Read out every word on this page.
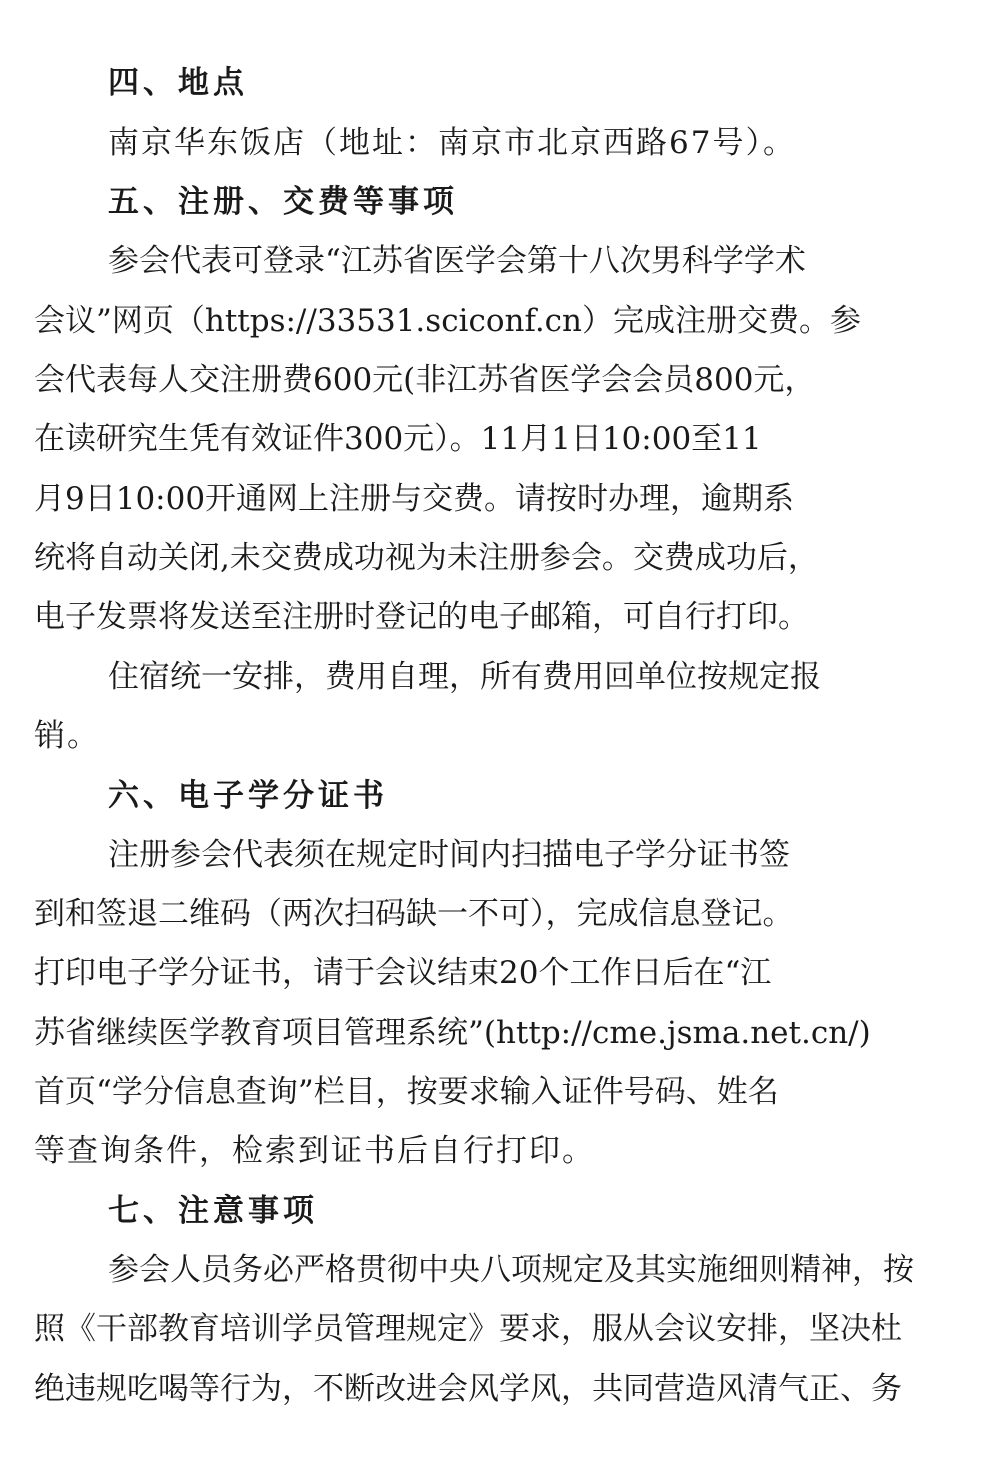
四、地点
南京华东饭店（地址：南京市北京西路67号）。
五、注册、交费等事项
参会代表可登录“江苏省医学会第十八次男科学学术
会议”网页（https://33531.sciconf.cn）完成注册交费。参
会代表每人交注册费600元(非江苏省医学会会员800元，
在读研究生凭有效证件300元）。11月1日10:00至11
月9日10:00开通网上注册与交费。请按时办理，逾期系
统将自动关闭,未交费成功视为未注册参会。交费成功后，
电子发票将发送至注册时登记的电子邮箱，可自行打印。
住宿统一安排，费用自理，所有费用回单位按规定报
销。
六、电子学分证书
注册参会代表须在规定时间内扫描电子学分证书签
到和签退二维码（两次扫码缺一不可），完成信息登记。
打印电子学分证书，请于会议结束20个工作日后在“江
苏省继续医学教育项目管理系统”(http://cme.jsma.net.cn/)
首页“学分信息查询”栏目，按要求输入证件号码、姓名
等查询条件，检索到证书后自行打印。
七、注意事项
参会人员务必严格贯彻中央八项规定及其实施细则精神，按
照《干部教育培训学员管理规定》要求，服从会议安排，坚决杜
绝违规吃喝等行为，不断改进会风学风，共同营造风清气正、务
